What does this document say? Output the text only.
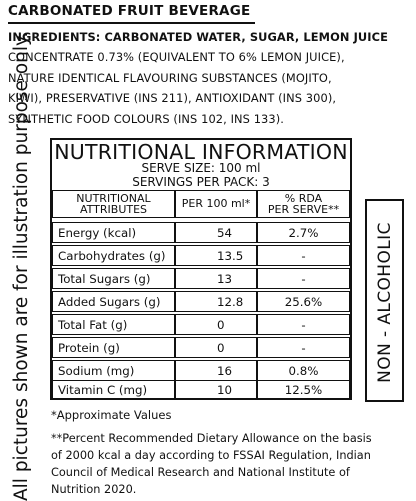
CARBONATED FRUIT BEVERAGE

INGREDIENTS: CARBONATED WATER, SUGAR, LEMON JUICE

CONCENTRATE 0.73% (EQUIVALENT TO 6% LEMON JUICE),

NATURE IDENTICAL FLAVOURING SUBSTANCES (MOJITO,

KIWI), PRESERVATIVE (INS 211), ANTIOXIDANT (INS 300),

SYNTHETIC FOOD COLOURS (INS 102, INS 133).

All pictures shown are for illustration purpose only.	NUTRITIONAL INFORMATION
SERVE SIZE: 100 ml
SERVINGS PER PACK: 3
NUTRITIONAL
ATTRIBUTES	PER 100 ml*	% RDA
PER SERVE**
Energy (kcal)	54	2.7%
Carbohydrates (g)	13.5	-
Total Sugars (g)	13	-
Added Sugars (g)	12.8	25.6%
Total Fat (g)	0	-
Protein (g)	0	-
Sodium (mg)	16	0.8%
Vitamin C (mg)	10	12.5%
NON - ALCOHOLIC
*Approximate Values

**Percent Recommended Dietary Allowance on the basis

of 2000 kcal a day according to FSSAI Regulation, Indian

Council of Medical Research and National Institute of

Nutrition 2020.
